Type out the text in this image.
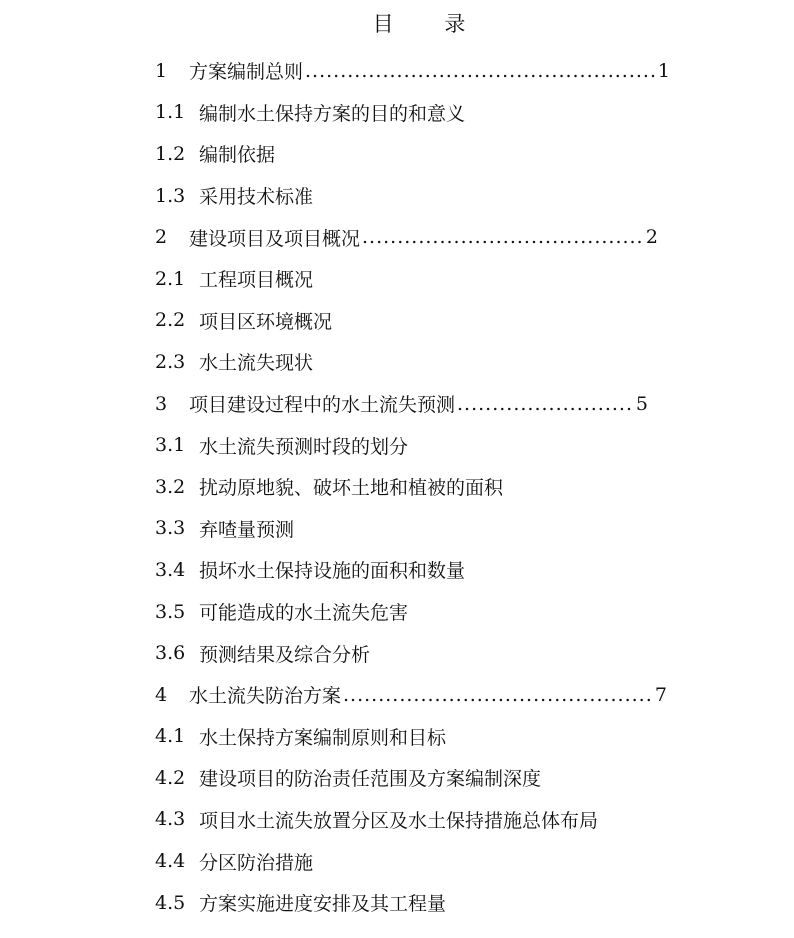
目 录
1	方案编制总则 .....	1
1.1 编制水土保持方案的目的和意义
1.2 编制依据
1.3 采用技术标准
2	建设项目及项目概况 .....	2
2.1 工程项目概况
2.2 项目区环境概况
2.3 水土流失现状
3	项目建设过程中的水土流失预测 .....	5
3.1 水土流失预测时段的划分
3.2 扰动原地貌、破坏土地和植被的面积
3.3 弃喳量预测
3.4 损坏水土保持设施的面积和数量
3.5 可能造成的水土流失危害
3.6 预测结果及综合分析
4	水土流失防治方案 .....	7
4.1 水土保持方案编制原则和目标
4.2 建设项目的防治责任范围及方案编制深度
4.3 项目水土流失放置分区及水土保持措施总体布局
4.4 分区防治措施
4.5 方案实施进度安排及其工程量
